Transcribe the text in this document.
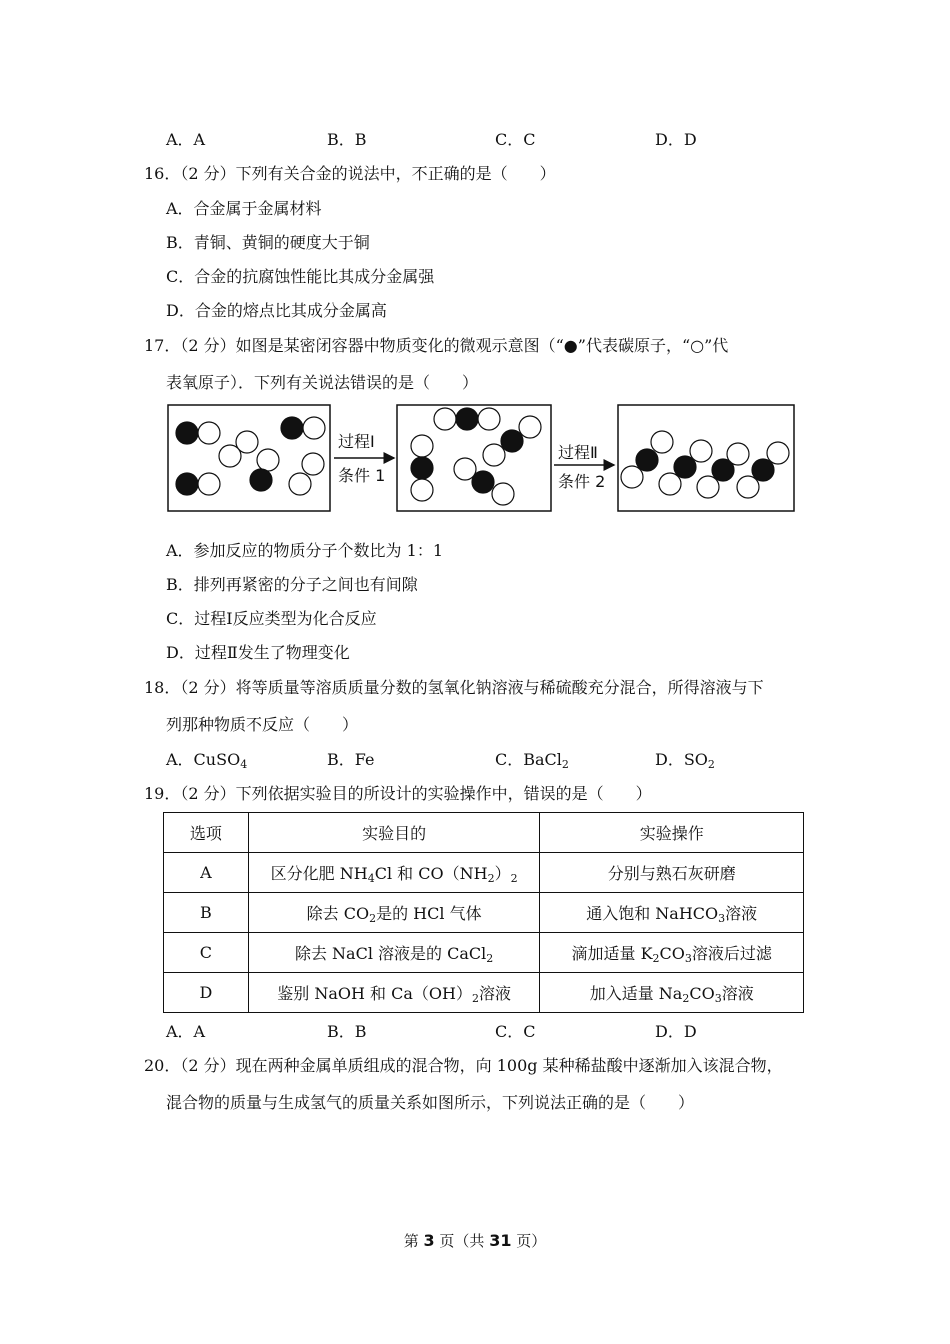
A．A	B．B	C．C	D．D
16．（2 分）下列有关合金的说法中，不正确的是（　　）
A．合金属于金属材料
B．青铜、黄铜的硬度大于铜
C．合金的抗腐蚀性能比其成分金属强
D．合金的熔点比其成分金属高
17．（2 分）如图是某密闭容器中物质变化的微观示意图（“●”代表碳原子，“○”代
表氧原子）．下列有关说法错误的是（　　）
过程Ⅰ
条件 1
过程Ⅱ
条件 2
A．参加反应的物质分子个数比为 1：1
B．排列再紧密的分子之间也有间隙
C．过程Ⅰ反应类型为化合反应
D．过程Ⅱ发生了物理变化
18．（2 分）将等质量等溶质质量分数的氢氧化钠溶液与稀硫酸充分混合，所得溶液与下
列那种物质不反应（　　）
A．CuSO$_4$	B．Fe	C．BaCl$_2$	D．$SO_2$
19．（2 分）下列依据实验目的所设计的实验操作中，错误的是（　　）
选项	实验目的	实验操作
A	区分化肥 $NH_4Cl$ 和 $CO(NH_2)_2$	分别与熟石灰研磨
B	除去 $CO_2$是的 HCl 气体	通入饱和 NaHCO$_3$溶液
C	除去 NaCl 溶液是的 CaCl$_2$	滴加适量 $K_2CO_3$溶液后过滤
D	鉴别 NaOH 和 $Ca(OH)_2$溶液	加入适量 $Na_2CO_3$溶液
A．A	B．B	C．C	D．D
20．（2 分）现在两种金属单质组成的混合物，向 100g 某种稀盐酸中逐渐加入该混合物，
混合物的质量与生成氢气的质量关系如图所示，下列说法正确的是（　　）
第 3 页（共 31 页）
